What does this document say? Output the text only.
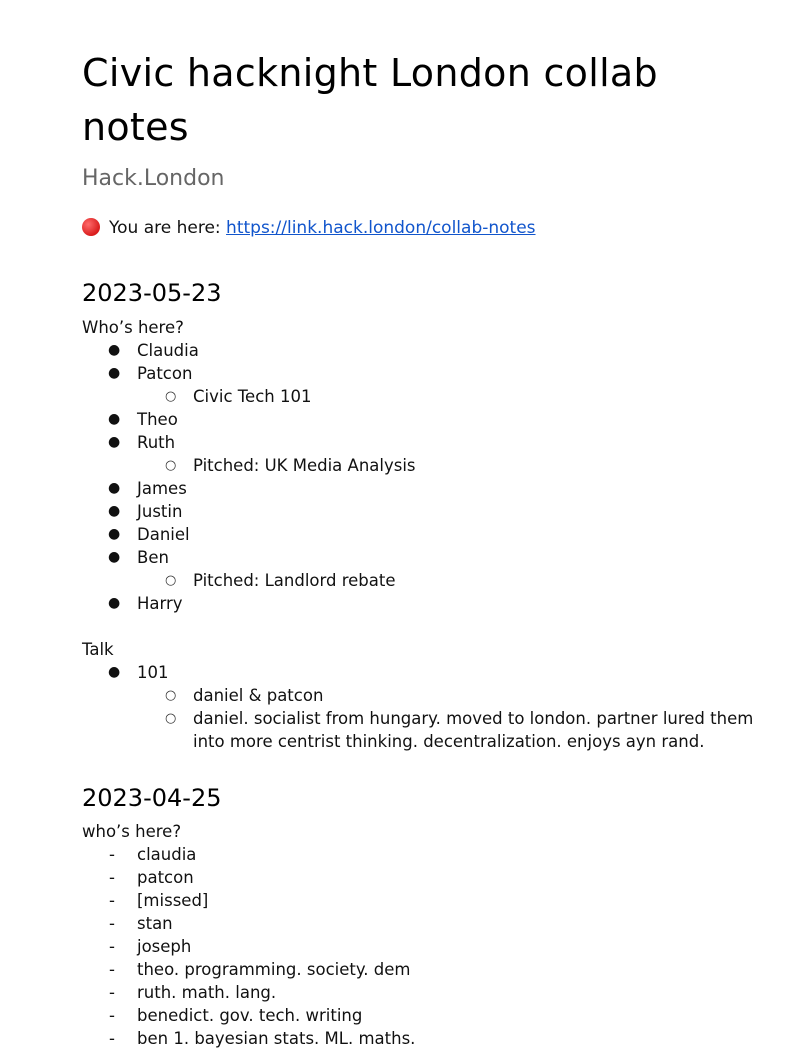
Civic hacknight London collab notes
Hack.London
You are here: https://link.hack.london/collab-notes
2023-05-23
Who’s here?
● Claudia
● Patcon
○ Civic Tech 101
● Theo
● Ruth
○ Pitched: UK Media Analysis
● James
● Justin
● Daniel
● Ben
○ Pitched: Landlord rebate
● Harry
Talk
● 101
○ daniel & patcon
○ daniel. socialist from hungary. moved to london. partner lured them into more centrist thinking. decentralization. enjoys ayn rand.
2023-04-25
who’s here?
- claudia
- patcon
- [missed]
- stan
- joseph
- theo. programming. society. dem
- ruth. math. lang.
- benedict. gov. tech. writing
- ben 1. bayesian stats. ML. maths.
